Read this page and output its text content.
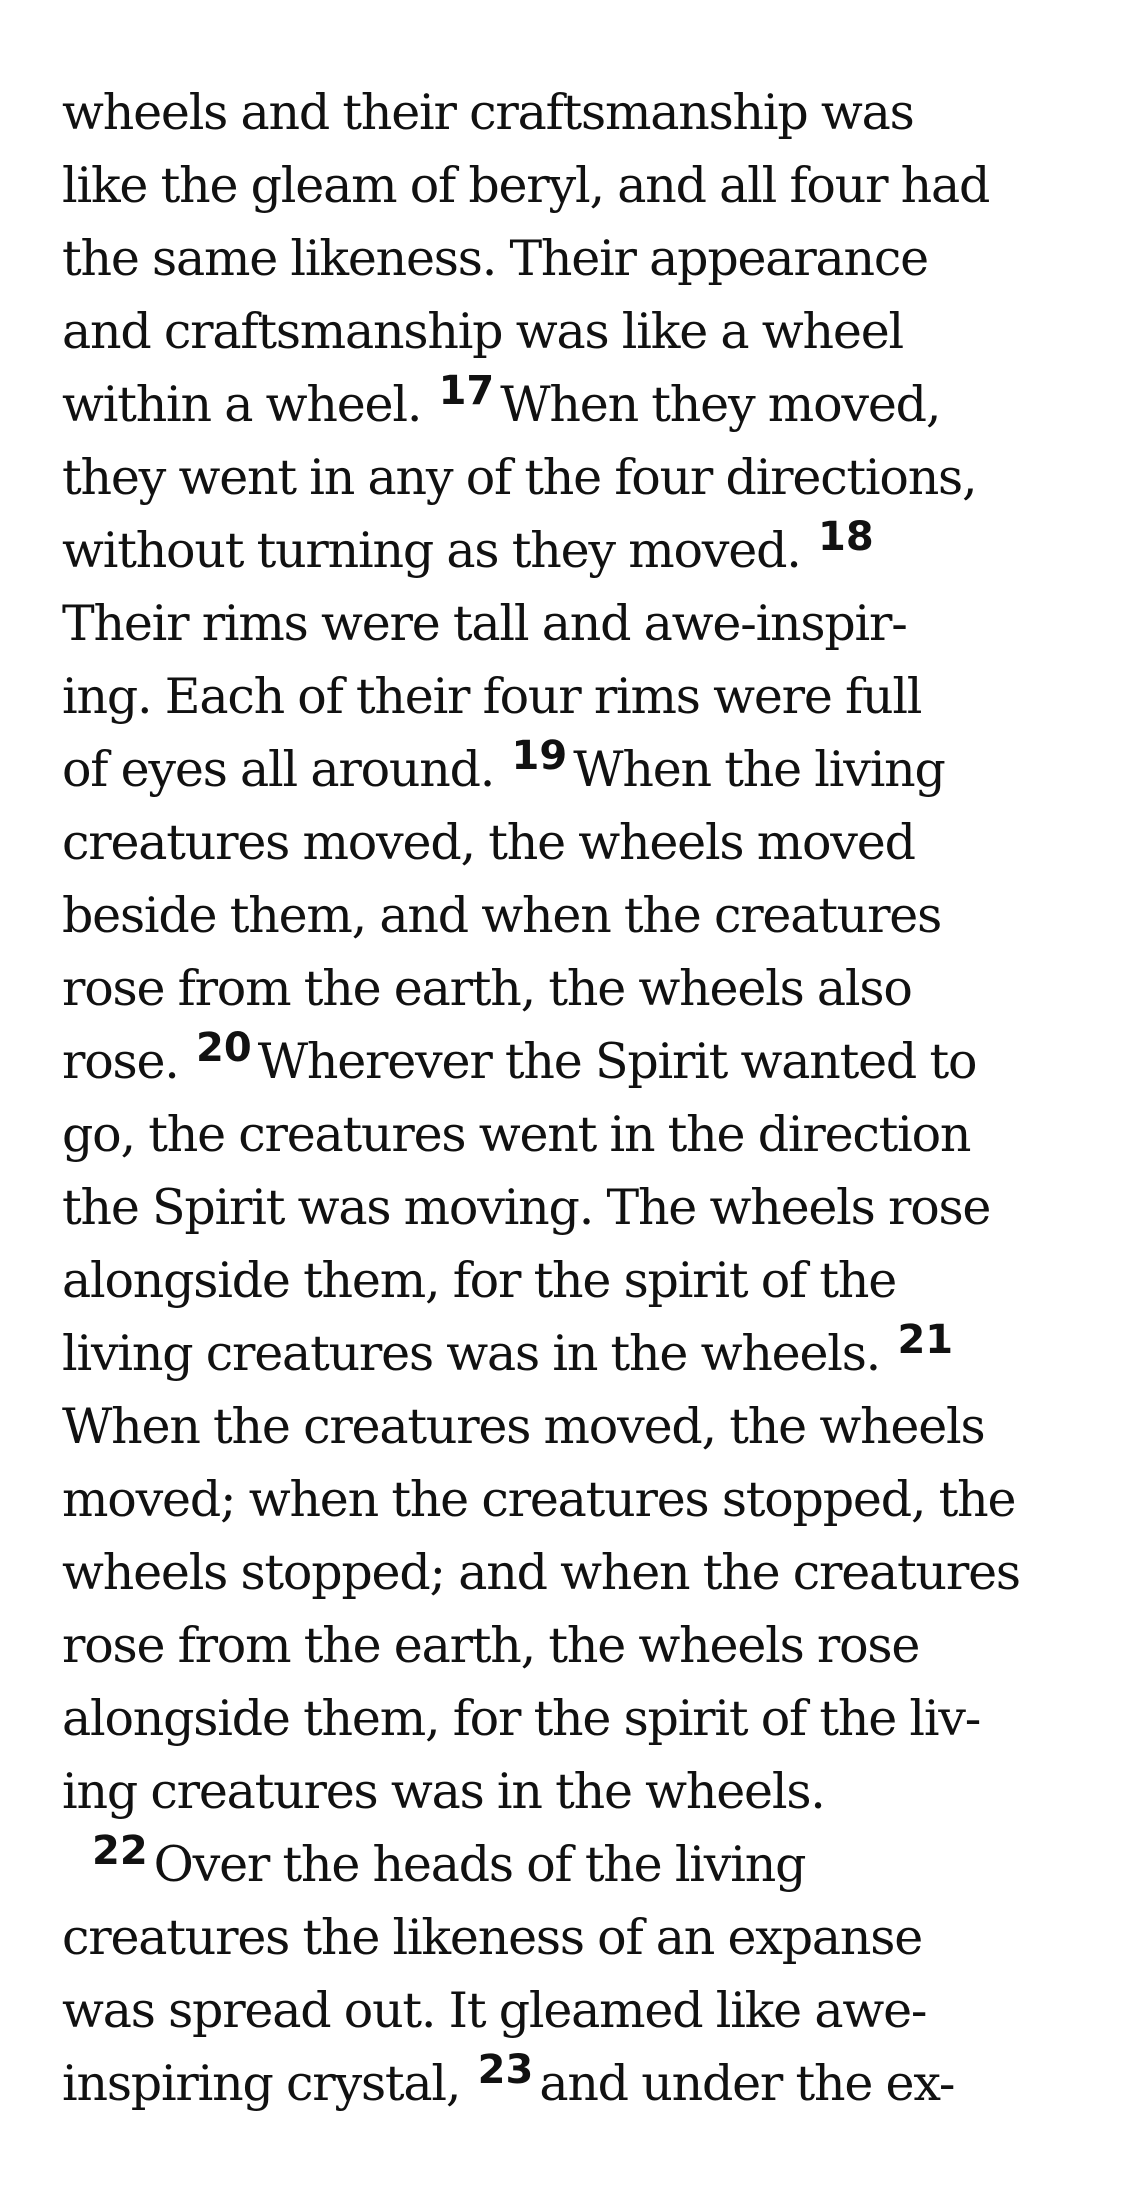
wheels and their craftsmanship was
like the gleam of beryl, and all four had
the same likeness. Their appearance
and craftsmanship was like a wheel
within a wheel. $^{17}$ When they moved,
they went in any of the four directions,
without turning as they moved. $^{18}$
Their rims were tall and awe-inspir-
ing. Each of their four rims were full
of eyes all around. $^{19}$ When the living
creatures moved, the wheels moved
beside them, and when the creatures
rose from the earth, the wheels also
rose. $^{20}$ Wherever the Spirit wanted to
go, the creatures went in the direction
the Spirit was moving. The wheels rose
alongside them, for the spirit of the
living creatures was in the wheels. $^{21}$
When the creatures moved, the wheels
moved; when the creatures stopped, the
wheels stopped; and when the creatures
rose from the earth, the wheels rose
alongside them, for the spirit of the liv-
ing creatures was in the wheels.
$^{22}$ Over the heads of the living
creatures the likeness of an expanse
was spread out. It gleamed like awe-
inspiring crystal, $^{23}$ and under the ex-
